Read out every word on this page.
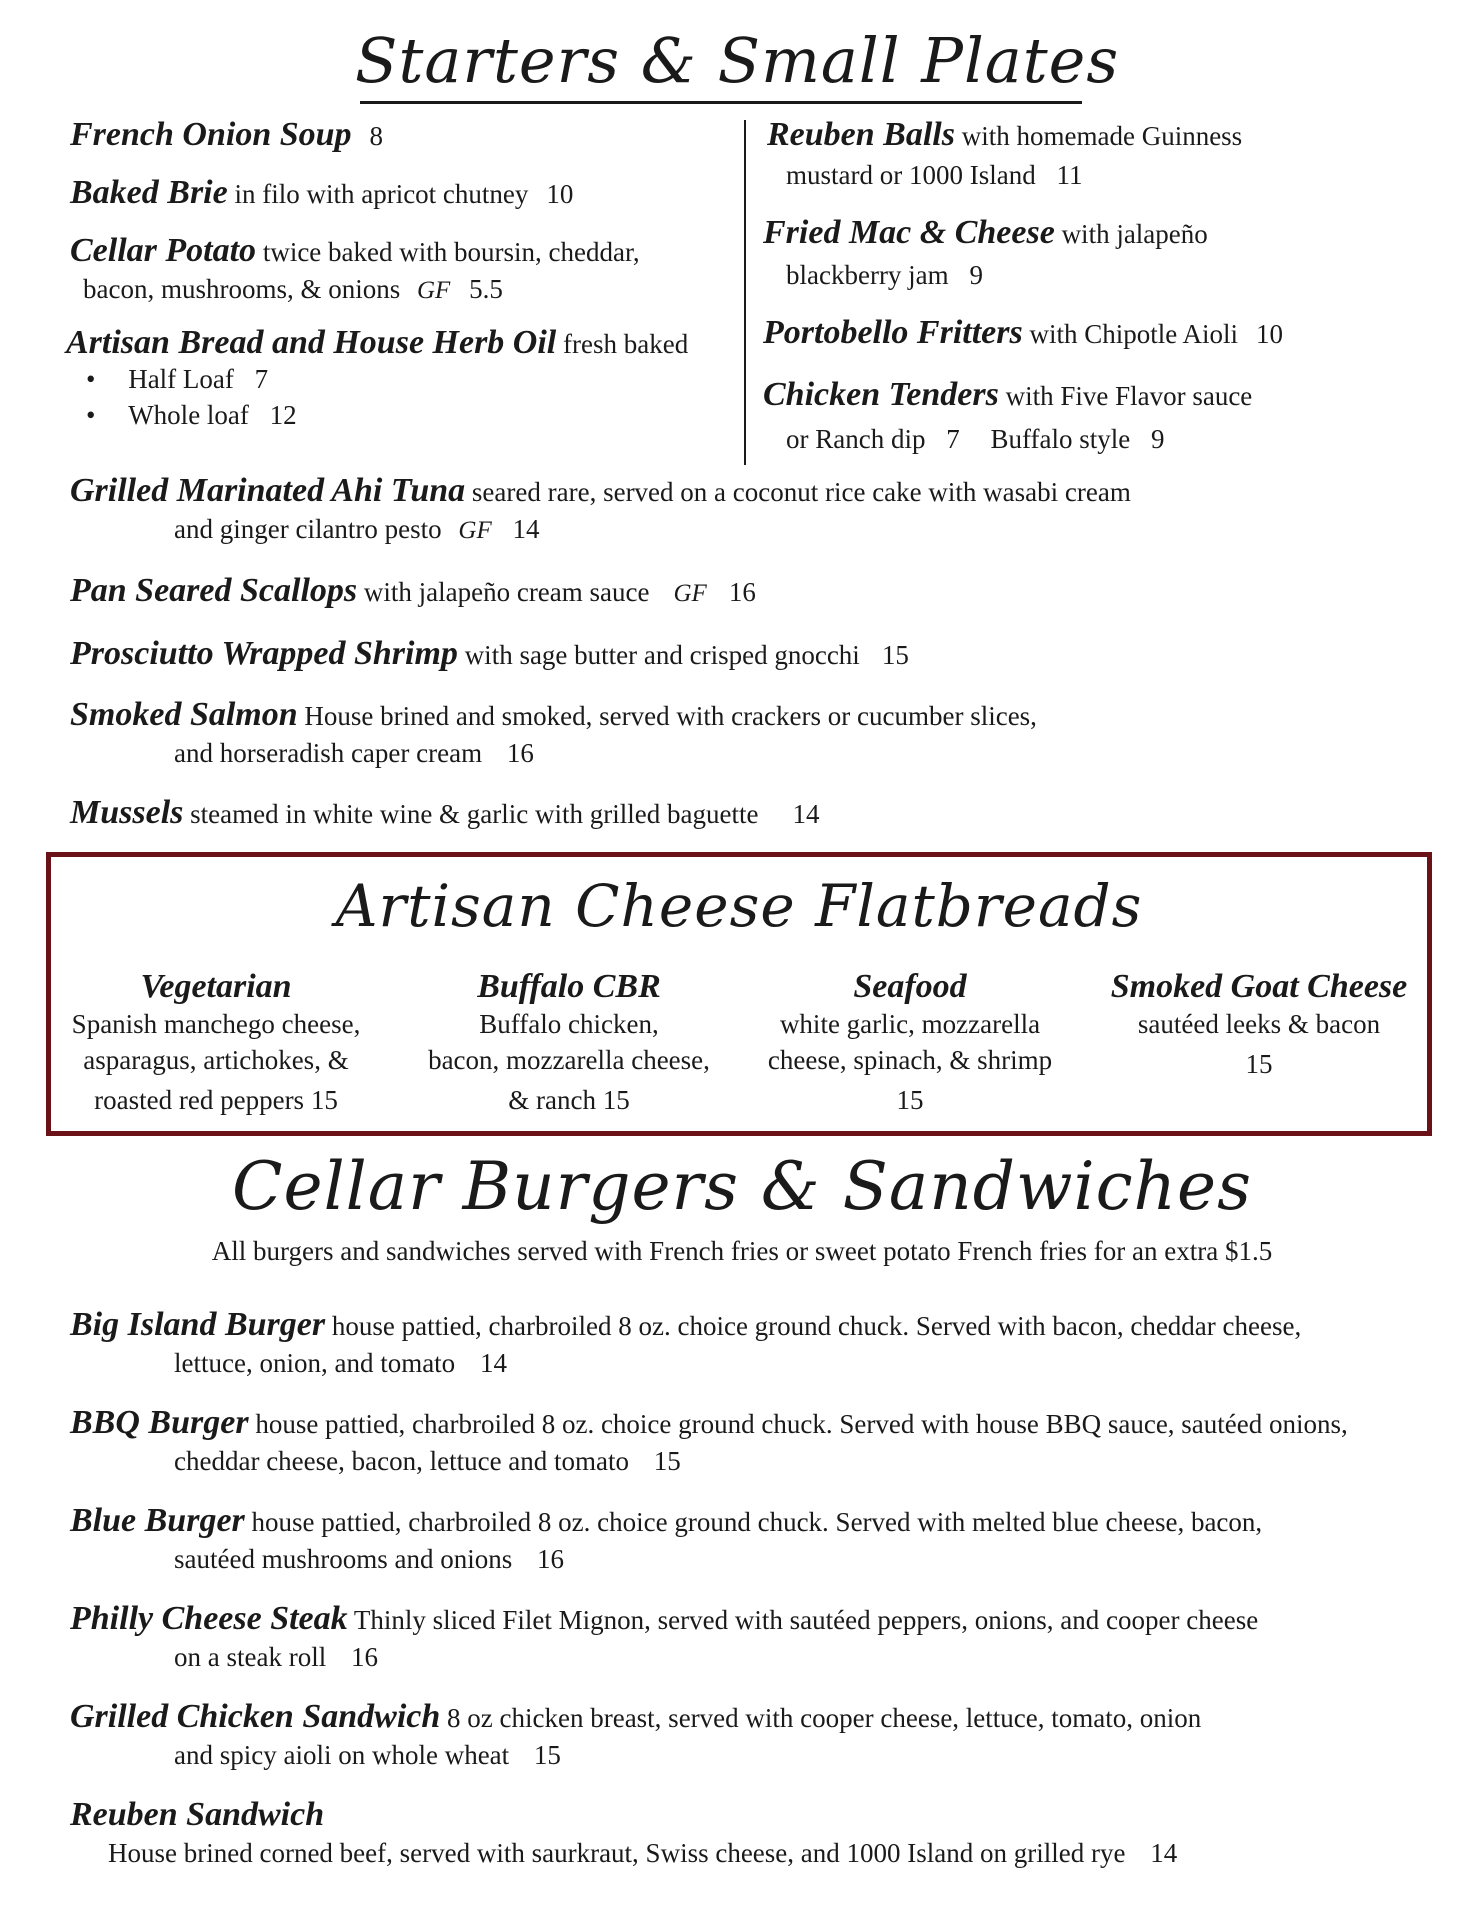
Starters & Small Plates
French Onion Soup 8
Baked Brie in filo with apricot chutney 10
Cellar Potato twice baked with boursin, cheddar,
bacon, mushrooms, & onions GF 5.5
Artisan Bread and House Herb Oil fresh baked
• Half Loaf 7
• Whole loaf 12
Reuben Balls with homemade Guinness
mustard or 1000 Island 11
Fried Mac & Cheese with jalapeño
blackberry jam 9
Portobello Fritters with Chipotle Aioli 10
Chicken Tenders with Five Flavor sauce
or Ranch dip 7 Buffalo style 9
Grilled Marinated Ahi Tuna seared rare, served on a coconut rice cake with wasabi cream
and ginger cilantro pesto GF 14
Pan Seared Scallops with jalapeño cream sauce GF 16
Prosciutto Wrapped Shrimp with sage butter and crisped gnocchi 15
Smoked Salmon House brined and smoked, served with crackers or cucumber slices,
and horseradish caper cream 16
Mussels steamed in white wine & garlic with grilled baguette 14
Artisan Cheese Flatbreads
Vegetarian
Spanish manchego cheese,
asparagus, artichokes, &
roasted red peppers 15
Buffalo CBR
Buffalo chicken,
bacon, mozzarella cheese,
& ranch 15
Seafood
white garlic, mozzarella
cheese, spinach, & shrimp
15
Smoked Goat Cheese
sautéed leeks & bacon
15
Cellar Burgers & Sandwiches
All burgers and sandwiches served with French fries or sweet potato French fries for an extra $1.5
Big Island Burger house pattied, charbroiled 8 oz. choice ground chuck. Served with bacon, cheddar cheese,
lettuce, onion, and tomato 14
BBQ Burger house pattied, charbroiled 8 oz. choice ground chuck. Served with house BBQ sauce, sautéed onions,
cheddar cheese, bacon, lettuce and tomato 15
Blue Burger house pattied, charbroiled 8 oz. choice ground chuck. Served with melted blue cheese, bacon,
sautéed mushrooms and onions 16
Philly Cheese Steak Thinly sliced Filet Mignon, served with sautéed peppers, onions, and cooper cheese
on a steak roll 16
Grilled Chicken Sandwich 8 oz chicken breast, served with cooper cheese, lettuce, tomato, onion
and spicy aioli on whole wheat 15
Reuben Sandwich
House brined corned beef, served with saurkraut, Swiss cheese, and 1000 Island on grilled rye 14
